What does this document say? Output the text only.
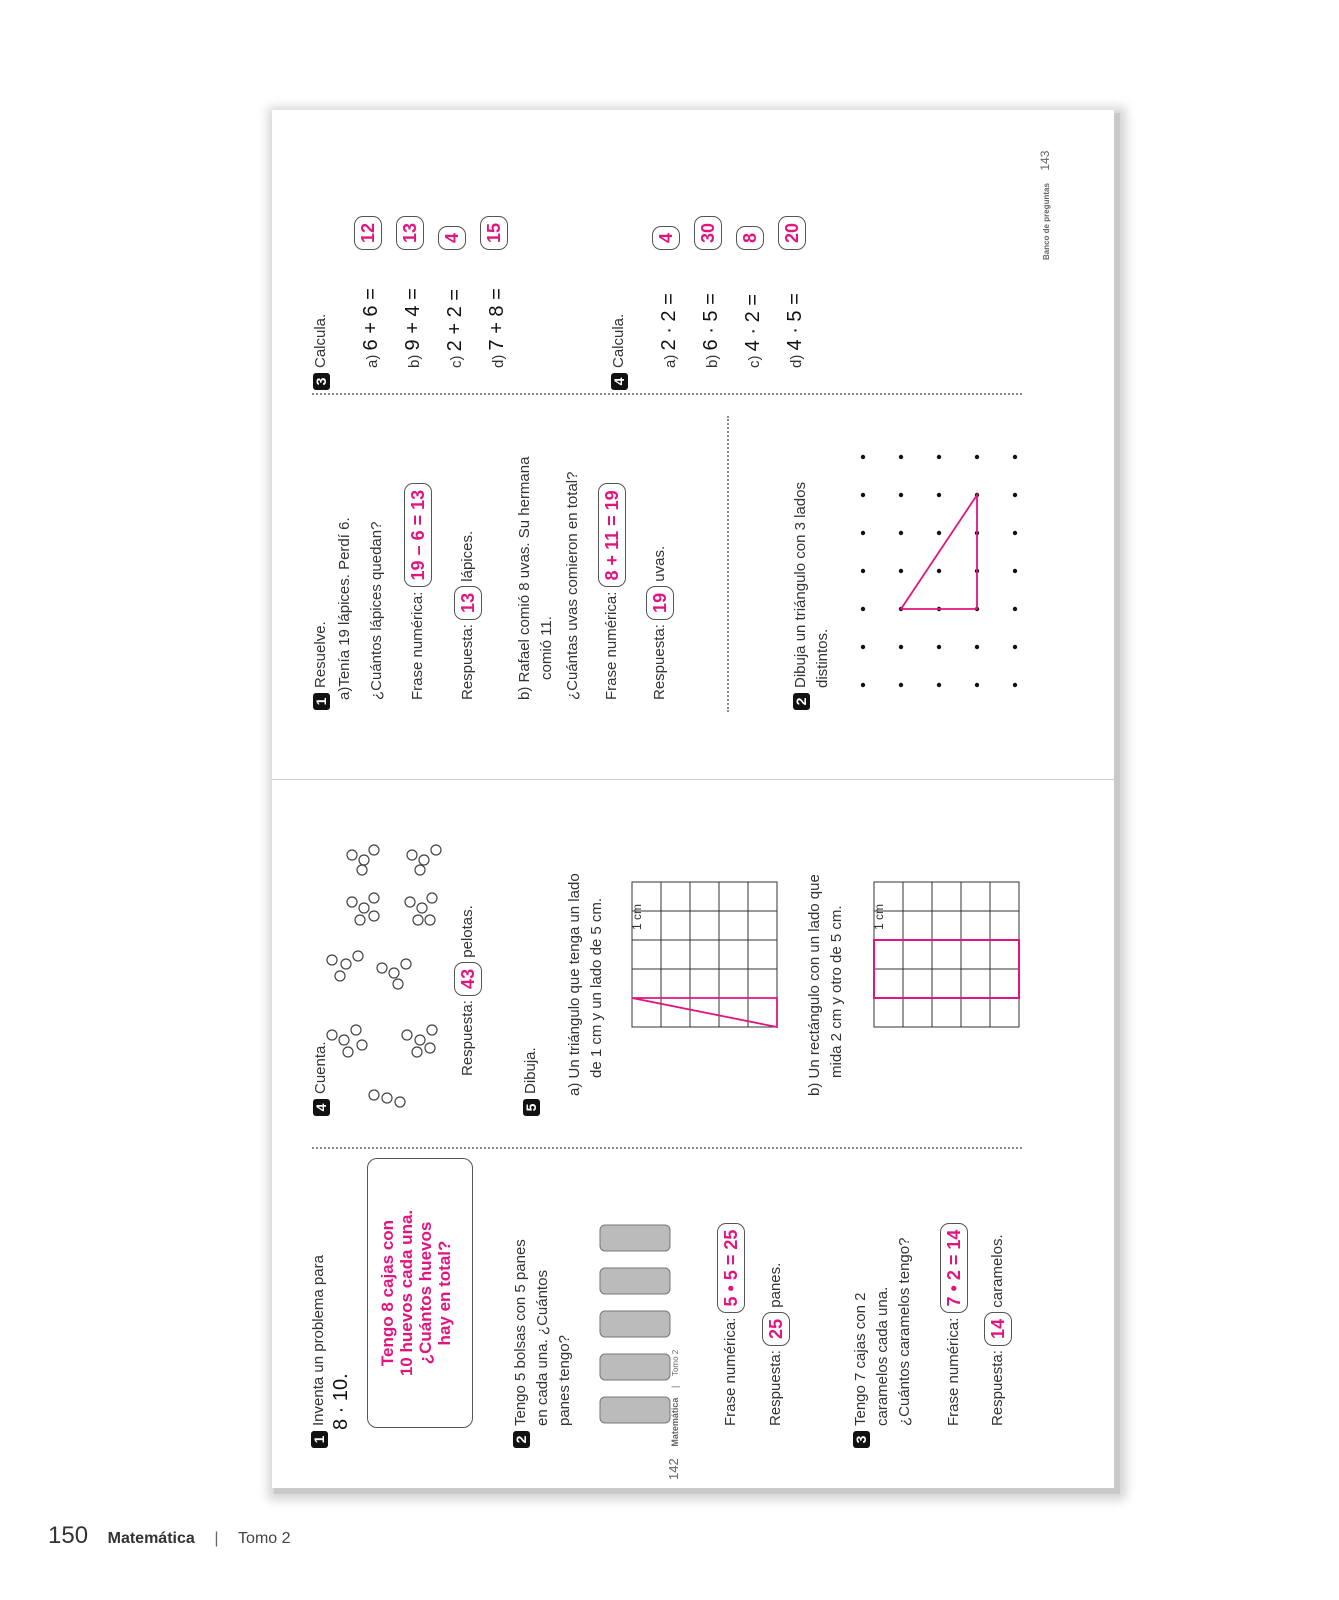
142 Matemática | Tomo 2
1Inventa un problema para 8 · 10.
Tengo 8 cajas con 10 huevos cada una. ¿Cuántos huevos hay en total?
2Tengo 5 bolsas con 5 panes en cada una. ¿Cuántos panes tengo?	Frase numérica: 5 • 5 = 25
Respuesta: 25 panes.
3Tengo 7 cajas con 2 caramelos cada una. ¿Cuántos caramelos tengo?	Frase numérica: 7 • 2 = 14
Respuesta: 14 caramelos.
4Cuenta.	Respuesta: 43 pelotas.
5Dibuja. a) Un triángulo que tenga un lado de 1 cm y un lado de 5 cm.	b) Un rectángulo con un lado que mida 2 cm y otro de 5 cm.
1 cm	1 cm
1Resuelve. a)Tenía 19 lápices. Perdí 6. ¿Cuántos lápices quedan?	Frase numérica: 19 – 6 = 13
Respuesta: 13 lápices.	b) Rafael comió 8 uvas. Su hermana comió 11. ¿Cuántas uvas comieron en total?	Frase numérica: 8 + 11 = 19
Respuesta: 19 uvas.
2Dibuja un triángulo con 3 lados distintos.
3Calcula. a) 6 + 6 =
12
b) 9 + 4 =
13
c) 2 + 2 =
4
d) 7 + 8 =
15
4Calcula. a) 2 · 2 =
4
b) 6 · 5 =
30
c) 4 · 2 =
8
d) 4 · 5 =
20	Banco de preguntas 143
150 Matemática | Tomo 2
